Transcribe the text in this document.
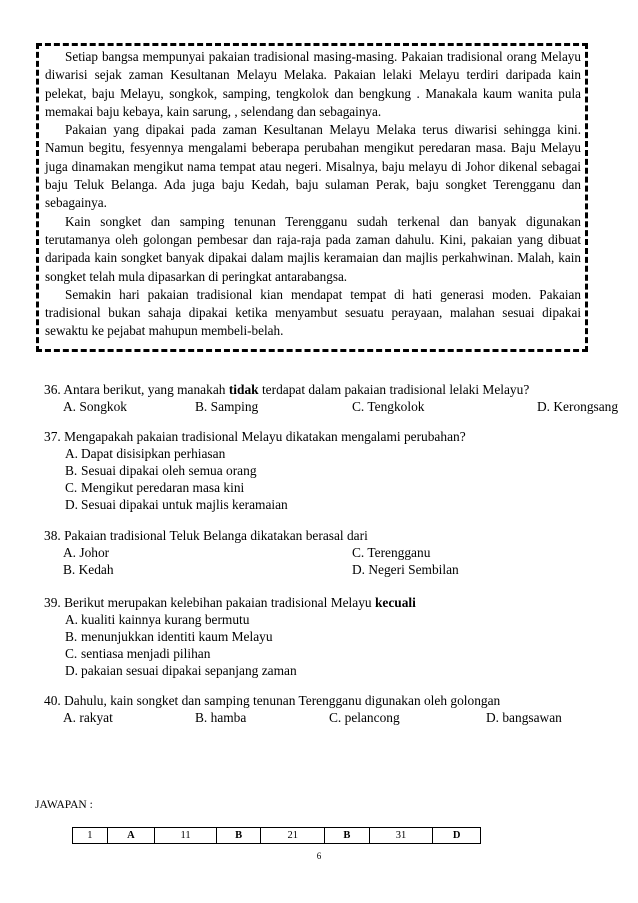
Setiap bangsa mempunyai pakaian tradisional masing-masing. Pakaian tradisional orang Melayu diwarisi sejak zaman Kesultanan Melayu Melaka. Pakaian lelaki Melayu terdiri daripada kain pelekat, baju Melayu, songkok, samping, tengkolok dan bengkung . Manakala kaum wanita pula memakai baju kebaya, kain sarung, , selendang dan sebagainya.

Pakaian yang dipakai pada zaman Kesultanan Melayu Melaka terus diwarisi sehingga kini. Namun begitu, fesyennya mengalami beberapa perubahan mengikut peredaran masa. Baju Melayu juga dinamakan mengikut nama tempat atau negeri. Misalnya, baju melayu di Johor dikenal sebagai baju Teluk Belanga. Ada juga baju Kedah, baju sulaman Perak, baju songket Terengganu dan sebagainya.

Kain songket dan samping tenunan Terengganu sudah terkenal dan banyak digunakan terutamanya oleh golongan pembesar dan raja-raja pada zaman dahulu. Kini, pakaian yang dibuat daripada kain songket banyak dipakai dalam majlis keramaian dan majlis perkahwinan. Malah, kain songket telah mula dipasarkan di peringkat antarabangsa.

Semakin hari pakaian tradisional kian mendapat tempat di hati generasi moden. Pakaian tradisional bukan sahaja dipakai ketika menyambut sesuatu perayaan, malahan sesuai dipakai sewaktu ke pejabat mahupun membeli-belah.

36. Antara berikut, yang manakah tidak terdapat dalam pakaian tradisional lelaki Melayu?

A. Songkok	B. Samping	C. Tengkolok	D. Kerongsang

37. Mengapakah pakaian tradisional Melayu dikatakan mengalami perubahan?

A. Dapat disisipkan perhiasan
B. Sesuai dipakai oleh semua orang
C. Mengikut peredaran masa kini
D. Sesuai dipakai untuk majlis keramaian

38. Pakaian tradisional Teluk Belanga dikatakan berasal dari

A. Johor	C. Terengganu
B. Kedah	D. Negeri Sembilan

39. Berikut merupakan kelebihan pakaian tradisional Melayu kecuali

A. kualiti kainnya kurang bermutu
B. menunjukkan identiti kaum Melayu
C. sentiasa menjadi pilihan
D. pakaian sesuai dipakai sepanjang zaman

40. Dahulu, kain songket dan samping tenunan Terengganu digunakan oleh golongan

A. rakyat	B. hamba	C. pelancong	D. bangsawan
JAWAPAN :
1	A	11	B	21	B	31	D
6
